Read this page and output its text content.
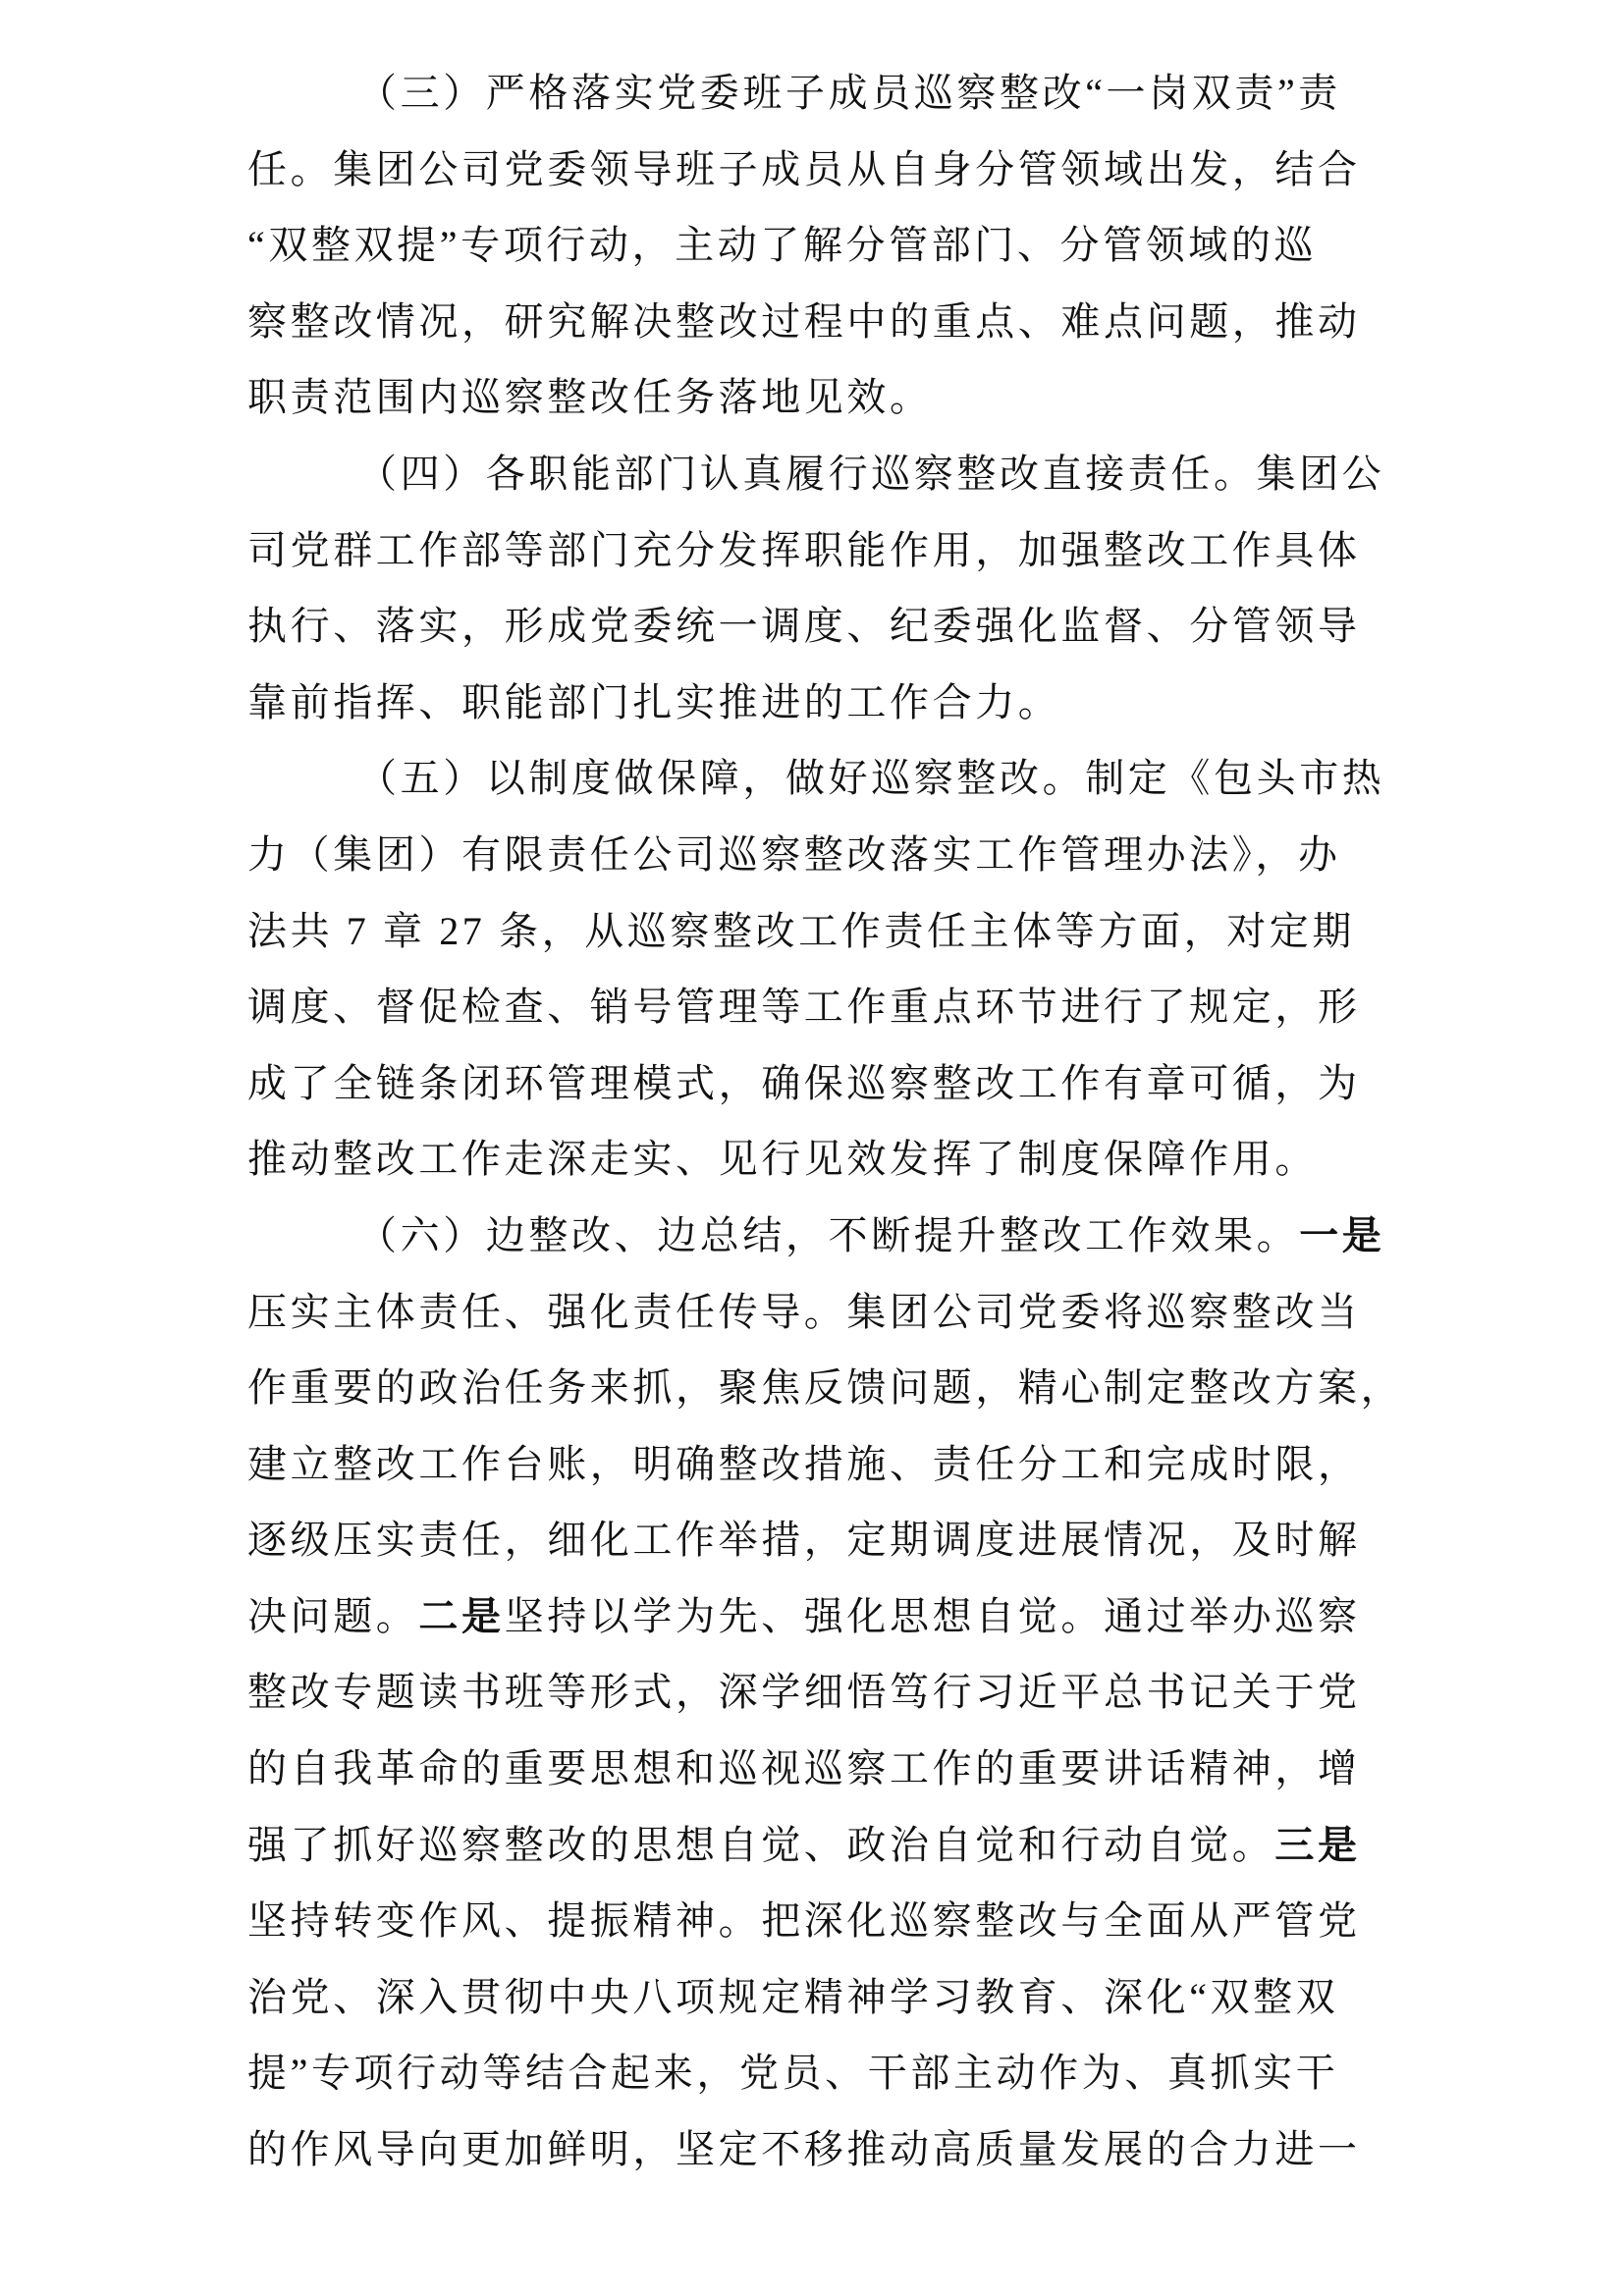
（三）严格落实党委班子成员巡察整改“一岗双责”责
任。集团公司党委领导班子成员从自身分管领域出发，结合
“双整双提”专项行动，主动了解分管部门、分管领域的巡
察整改情况，研究解决整改过程中的重点、难点问题，推动
职责范围内巡察整改任务落地见效。
（四）各职能部门认真履行巡察整改直接责任。集团公
司党群工作部等部门充分发挥职能作用，加强整改工作具体
执行、落实，形成党委统一调度、纪委强化监督、分管领导
靠前指挥、职能部门扎实推进的工作合力。
（五）以制度做保障，做好巡察整改。制定《包头市热
力（集团）有限责任公司巡察整改落实工作管理办法》，办
法共 7 章 27 条，从巡察整改工作责任主体等方面，对定期
调度、督促检查、销号管理等工作重点环节进行了规定，形
成了全链条闭环管理模式，确保巡察整改工作有章可循，为
推动整改工作走深走实、见行见效发挥了制度保障作用。
（六）边整改、边总结，不断提升整改工作效果。一是
压实主体责任、强化责任传导。集团公司党委将巡察整改当
作重要的政治任务来抓，聚焦反馈问题，精心制定整改方案，
建立整改工作台账，明确整改措施、责任分工和完成时限，
逐级压实责任，细化工作举措，定期调度进展情况，及时解
决问题。二是坚持以学为先、强化思想自觉。通过举办巡察
整改专题读书班等形式，深学细悟笃行习近平总书记关于党
的自我革命的重要思想和巡视巡察工作的重要讲话精神，增
强了抓好巡察整改的思想自觉、政治自觉和行动自觉。三是
坚持转变作风、提振精神。把深化巡察整改与全面从严管党
治党、深入贯彻中央八项规定精神学习教育、深化“双整双
提”专项行动等结合起来，党员、干部主动作为、真抓实干
的作风导向更加鲜明，坚定不移推动高质量发展的合力进一
